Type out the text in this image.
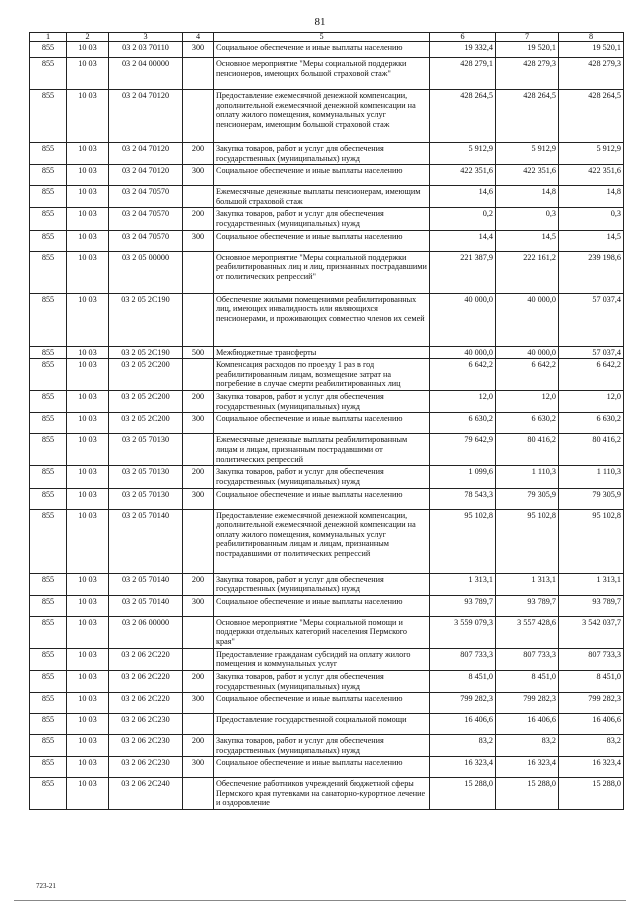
81
1	2	3	4	5	6	7	8
855	10 03	03 2 03 70110	300	Социальное обеспечение и иные выплаты населению	19 332,4	19 520,1	19 520,1
855	10 03	03 2 04 00000		Основное мероприятие "Меры социальной поддержки пенсионеров, имеющих большой страховой стаж"	428 279,1	428 279,3	428 279,3
855	10 03	03 2 04 70120		Предоставление ежемесячной денежной компенсации, дополнительной ежемесячной денежной компенсации на оплату жилого помещения, коммунальных услуг пенсионерам, имеющим большой страховой стаж	428 264,5	428 264,5	428 264,5
855	10 03	03 2 04 70120	200	Закупка товаров, работ и услуг для обеспечения государственных (муниципальных) нужд	5 912,9	5 912,9	5 912,9
855	10 03	03 2 04 70120	300	Социальное обеспечение и иные выплаты населению	422 351,6	422 351,6	422 351,6
855	10 03	03 2 04 70570		Ежемесячные денежные выплаты пенсионерам, имеющим большой страховой стаж	14,6	14,8	14,8
855	10 03	03 2 04 70570	200	Закупка товаров, работ и услуг для обеспечения государственных (муниципальных) нужд	0,2	0,3	0,3
855	10 03	03 2 04 70570	300	Социальное обеспечение и иные выплаты населению	14,4	14,5	14,5
855	10 03	03 2 05 00000		Основное мероприятие "Меры социальной поддержки реабилитированных лиц и лиц, признанных пострадавшими от политических репрессий"	221 387,9	222 161,2	239 198,6
855	10 03	03 2 05 2С190		Обеспечение жилыми помещениями реабилитированных лиц, имеющих инвалидность или являющихся пенсионерами, и проживающих совместно членов их семей	40 000,0	40 000,0	57 037,4
855	10 03	03 2 05 2С190	500	Межбюджетные трансферты	40 000,0	40 000,0	57 037,4
855	10 03	03 2 05 2С200		Компенсация расходов по проезду 1 раз в год реабилитированным лицам, возмещение затрат на погребение в случае смерти реабилитированных лиц	6 642,2	6 642,2	6 642,2
855	10 03	03 2 05 2С200	200	Закупка товаров, работ и услуг для обеспечения государственных (муниципальных) нужд	12,0	12,0	12,0
855	10 03	03 2 05 2С200	300	Социальное обеспечение и иные выплаты населению	6 630,2	6 630,2	6 630,2
855	10 03	03 2 05 70130		Ежемесячные денежные выплаты реабилитированным лицам и лицам, признанным пострадавшими от политических репрессий	79 642,9	80 416,2	80 416,2
855	10 03	03 2 05 70130	200	Закупка товаров, работ и услуг для обеспечения государственных (муниципальных) нужд	1 099,6	1 110,3	1 110,3
855	10 03	03 2 05 70130	300	Социальное обеспечение и иные выплаты населению	78 543,3	79 305,9	79 305,9
855	10 03	03 2 05 70140		Предоставление ежемесячной денежной компенсации, дополнительной ежемесячной денежной компенсации на оплату жилого помещения, коммунальных услуг реабилитированным лицам и лицам, признанным пострадавшими от политических репрессий	95 102,8	95 102,8	95 102,8
855	10 03	03 2 05 70140	200	Закупка товаров, работ и услуг для обеспечения государственных (муниципальных) нужд	1 313,1	1 313,1	1 313,1
855	10 03	03 2 05 70140	300	Социальное обеспечение и иные выплаты населению	93 789,7	93 789,7	93 789,7
855	10 03	03 2 06 00000		Основное мероприятие "Меры социальной помощи и поддержки отдельных категорий населения Пермского края"	3 559 079,3	3 557 428,6	3 542 037,7
855	10 03	03 2 06 2С220		Предоставление гражданам субсидий на оплату жилого помещения и коммунальных услуг	807 733,3	807 733,3	807 733,3
855	10 03	03 2 06 2С220	200	Закупка товаров, работ и услуг для обеспечения государственных (муниципальных) нужд	8 451,0	8 451,0	8 451,0
855	10 03	03 2 06 2С220	300	Социальное обеспечение и иные выплаты населению	799 282,3	799 282,3	799 282,3
855	10 03	03 2 06 2С230		Предоставление государственной социальной помощи	16 406,6	16 406,6	16 406,6
855	10 03	03 2 06 2С230	200	Закупка товаров, работ и услуг для обеспечения государственных (муниципальных) нужд	83,2	83,2	83,2
855	10 03	03 2 06 2С230	300	Социальное обеспечение и иные выплаты населению	16 323,4	16 323,4	16 323,4
855	10 03	03 2 06 2С240		Обеспечение работников учреждений бюджетной сферы Пермского края путевками на санаторно-курортное лечение и оздоровление	15 288,0	15 288,0	15 288,0
723-21
